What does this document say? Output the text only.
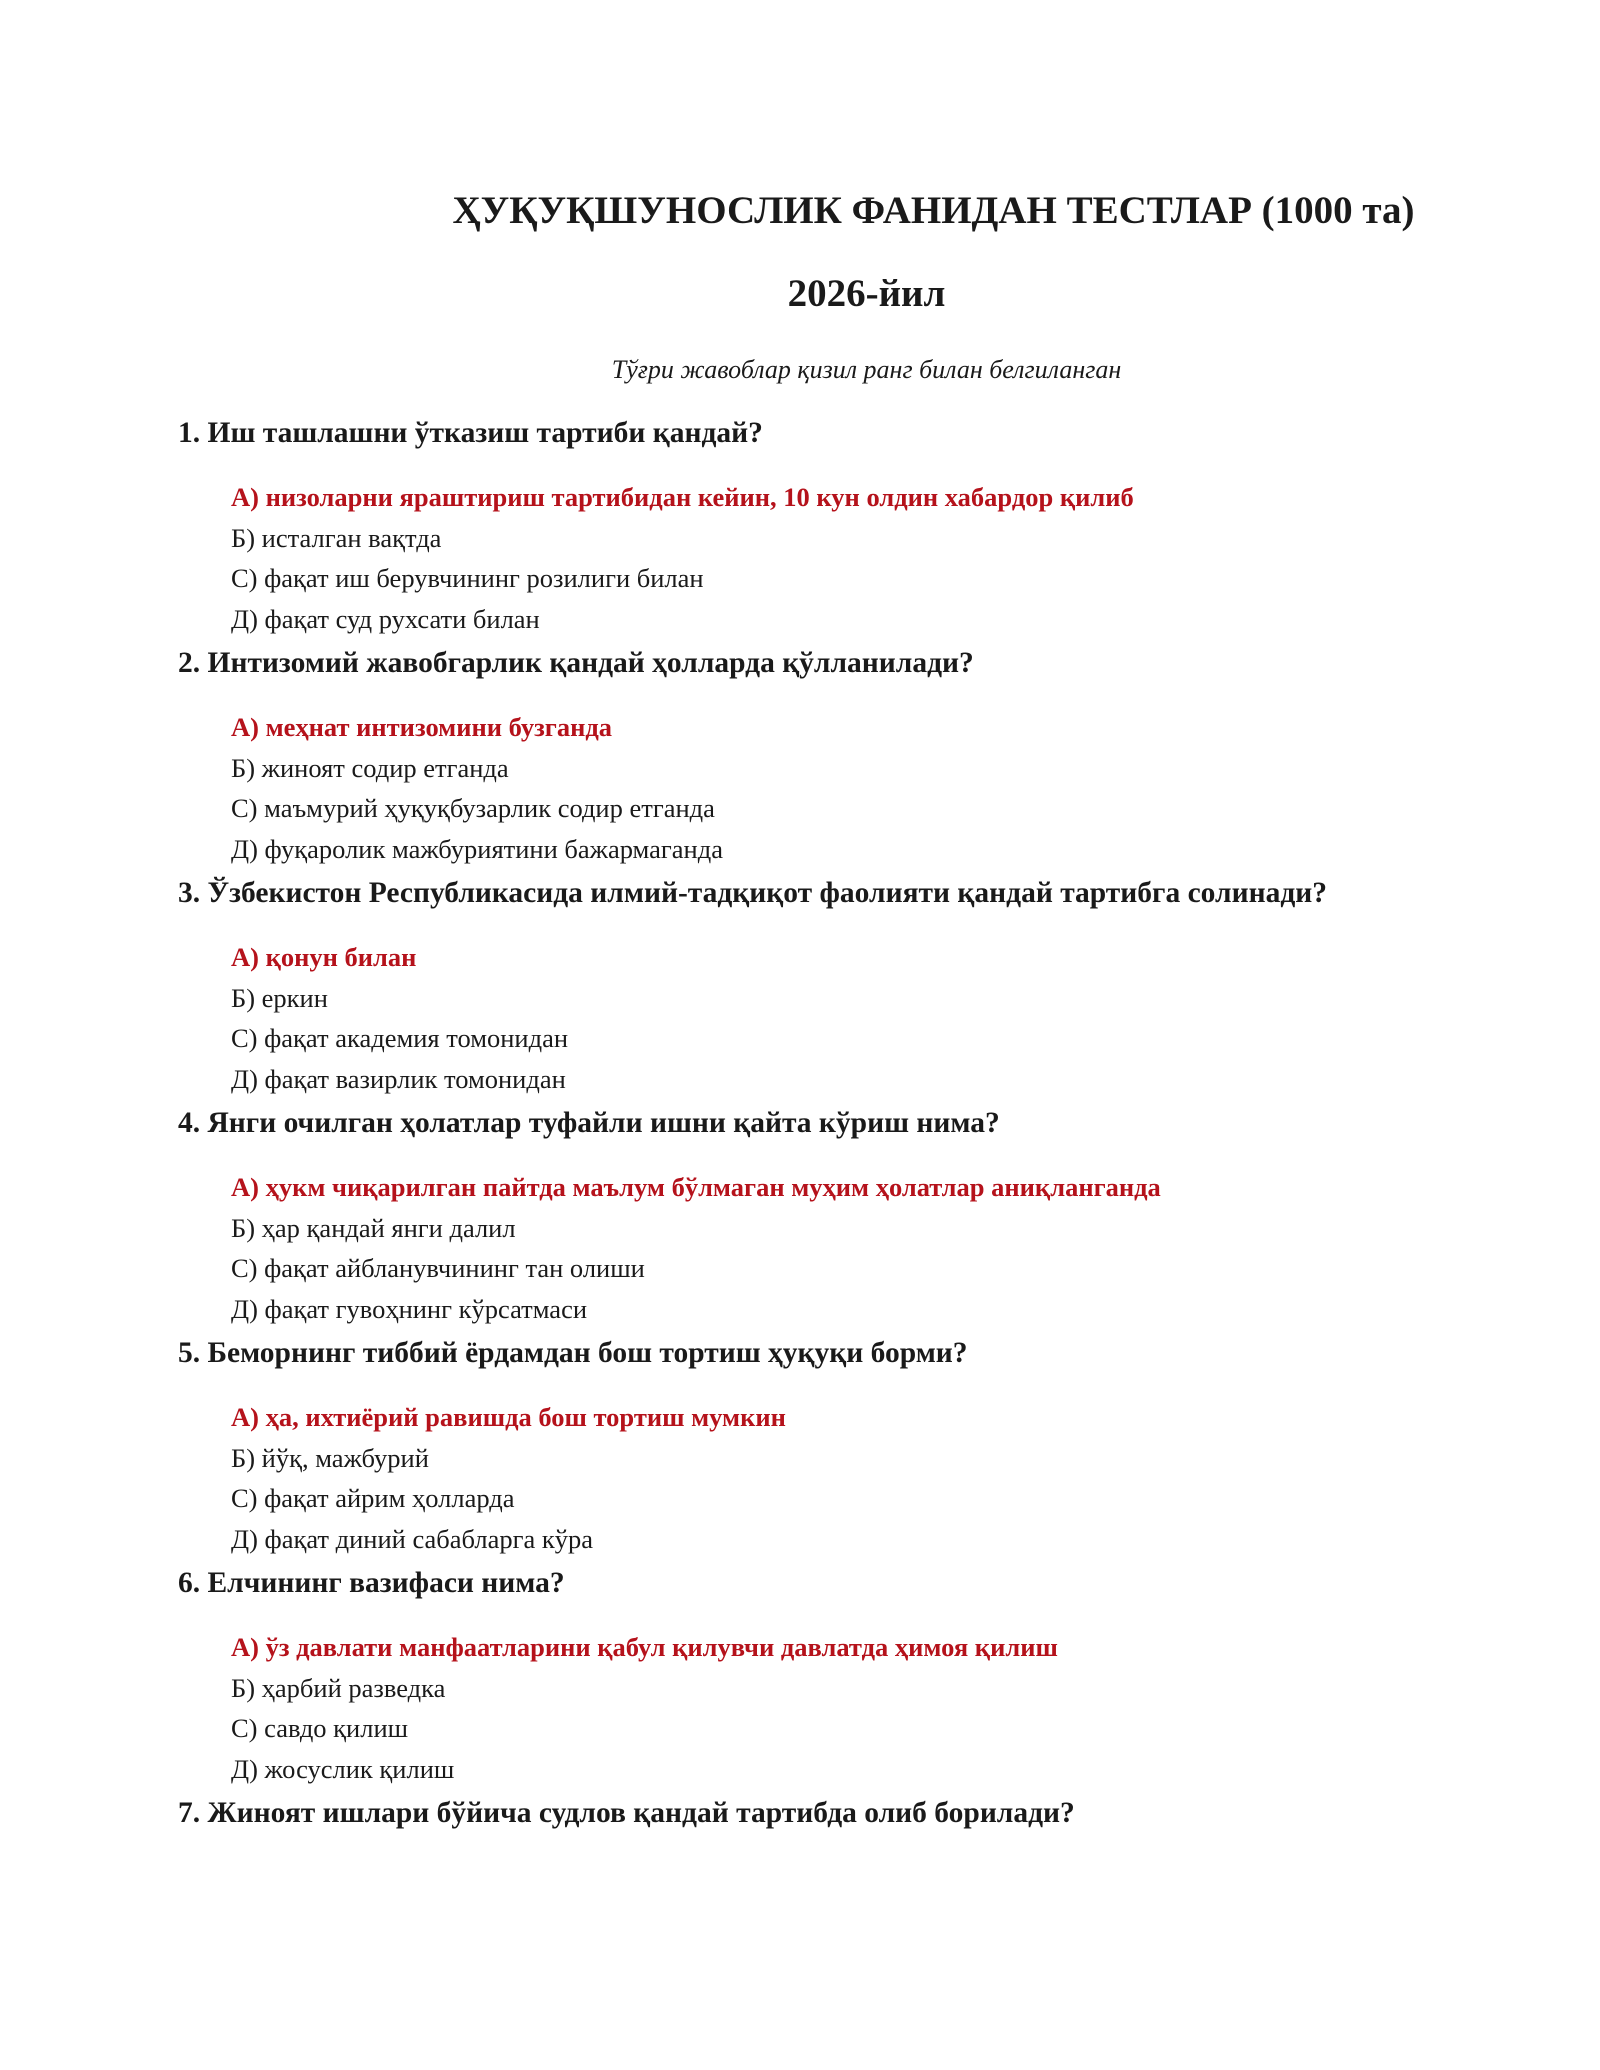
ҲУҚУҚШУНОСЛИК ФАНИДАН ТЕСТЛАР (1000 та)
2026-йил
Тўғри жавоблар қизил ранг билан белгиланган

1. Иш ташлашни ўтказиш тартиби қандай?

А) низоларни яраштириш тартибидан кейин, 10 кун олдин хабардор қилиб
Б) исталган вақтда
С) фақат иш берувчининг розилиги билан
Д) фақат суд рухсати билан

2. Интизомий жавобгарлик қандай ҳолларда қўлланилади?

А) меҳнат интизомини бузганда
Б) жиноят содир етганда
С) маъмурий ҳуқуқбузарлик содир етганда
Д) фуқаролик мажбуриятини бажармаганда

3. Ўзбекистон Республикасида илмий-тадқиқот фаолияти қандай тартибга солинади?

А) қонун билан
Б) еркин
С) фақат академия томонидан
Д) фақат вазирлик томонидан

4. Янги очилган ҳолатлар туфайли ишни қайта кўриш нима?

А) ҳукм чиқарилган пайтда маълум бўлмаган муҳим ҳолатлар аниқланганда
Б) ҳар қандай янги далил
С) фақат айбланувчининг тан олиши
Д) фақат гувоҳнинг кўрсатмаси

5. Беморнинг тиббий ёрдамдан бош тортиш ҳуқуқи борми?

А) ҳа, ихтиёрий равишда бош тортиш мумкин
Б) йўқ, мажбурий
С) фақат айрим ҳолларда
Д) фақат диний сабабларга кўра

6. Елчининг вазифаси нима?

А) ўз давлати манфаатларини қабул қилувчи давлатда ҳимоя қилиш
Б) ҳарбий разведка
С) савдо қилиш
Д) жосуслик қилиш

7. Жиноят ишлари бўйича судлов қандай тартибда олиб борилади?
